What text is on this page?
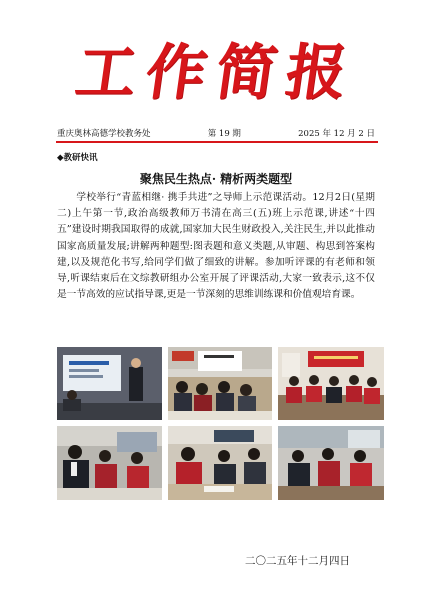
工作简报
重庆奥林高德学校教务处	第 19 期	2025 年 12 月 2 日
◆教研快讯
聚焦民生热点· 精析两类题型

学校举行“青蓝相继· 携手共进”之导师上示范课活动。12月2日(星期二)上午第一节,政治高级教师万书清在高三(五)班上示范课,讲述“十四五”建设时期我国取得的成就,国家加大民生财政投入,关注民生,并以此推动国家高质量发展;讲解两种题型:图表题和意义类题,从审题、构思到答案构建,以及规范化书写,给同学们做了细致的讲解。参加听评课的有老师和领导,听课结束后在文综教研组办公室开展了评课活动,大家一致表示,这不仅是一节高效的应试指导课,更是一节深刻的思维训练课和价值观培育课。

二〇二五年十二月四日
